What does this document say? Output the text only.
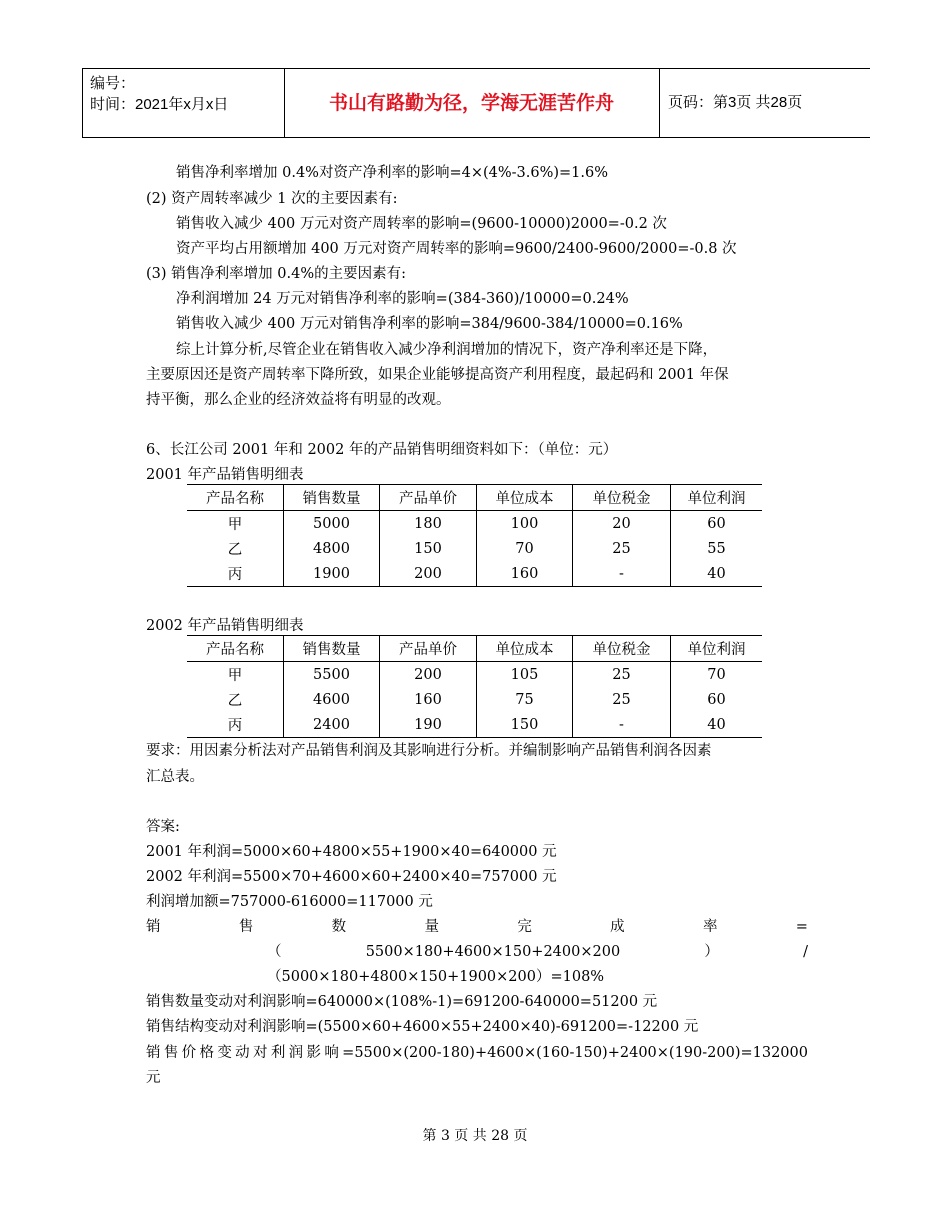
编号：
时间：2021年x月x日	书山有路勤为径，学海无涯苦作舟	页码：第3页 共28页
销售净利率增加 0.4%对资产净利率的影响=4×(4%-3.6%)=1.6%
(2) 资产周转率减少 1 次的主要因素有:
销售收入减少 400 万元对资产周转率的影响=(9600-10000)2000=-0.2 次
资产平均占用额增加 400 万元对资产周转率的影响=9600/2400-9600/2000=-0.8 次
(3) 销售净利率增加 0.4%的主要因素有:
净利润增加 24 万元对销售净利率的影响=(384-360)/10000=0.24%
销售收入减少 400 万元对销售净利率的影响=384/9600-384/10000=0.16%
综上计算分析,尽管企业在销售收入减少净利润增加的情况下，资产净利率还是下降，
主要原因还是资产周转率下降所致，如果企业能够提高资产利用程度，最起码和 2001 年保
持平衡，那么企业的经济效益将有明显的改观。
6、长江公司 2001 年和 2002 年的产品销售明细资料如下：（单位：元）
2001 年产品销售明细表
产品名称	销售数量	产品单价	单位成本	单位税金	单位利润
甲	5000	180	100	20	60
乙	4800	150	70	25	55
丙	1900	200	160	-	40
2002 年产品销售明细表
产品名称	销售数量	产品单价	单位成本	单位税金	单位利润
甲	5500	200	105	25	70
乙	4600	160	75	25	60
丙	2400	190	150	-	40
要求：用因素分析法对产品销售利润及其影响进行分析。并编制影响产品销售利润各因素
汇总表。
答案:
2001 年利润=5000×60+4800×55+1900×40=640000 元
2002 年利润=5500×70+4600×60+2400×40=757000 元
利润增加额=757000-616000=117000 元
销	售	数	量	完	成	率	=
（	5500×180+4600×150+2400×200	）	/
（5000×180+4800×150+1900×200）=108%
销售数量变动对利润影响=640000×(108%-1)=691200-640000=51200 元
销售结构变动对利润影响=(5500×60+4600×55+2400×40)-691200=-12200 元
销售价格变动对利润影响=5500×(200-180)+4600×(160-150)+2400×(190-200)=132000
元
第 3 页 共 28 页
